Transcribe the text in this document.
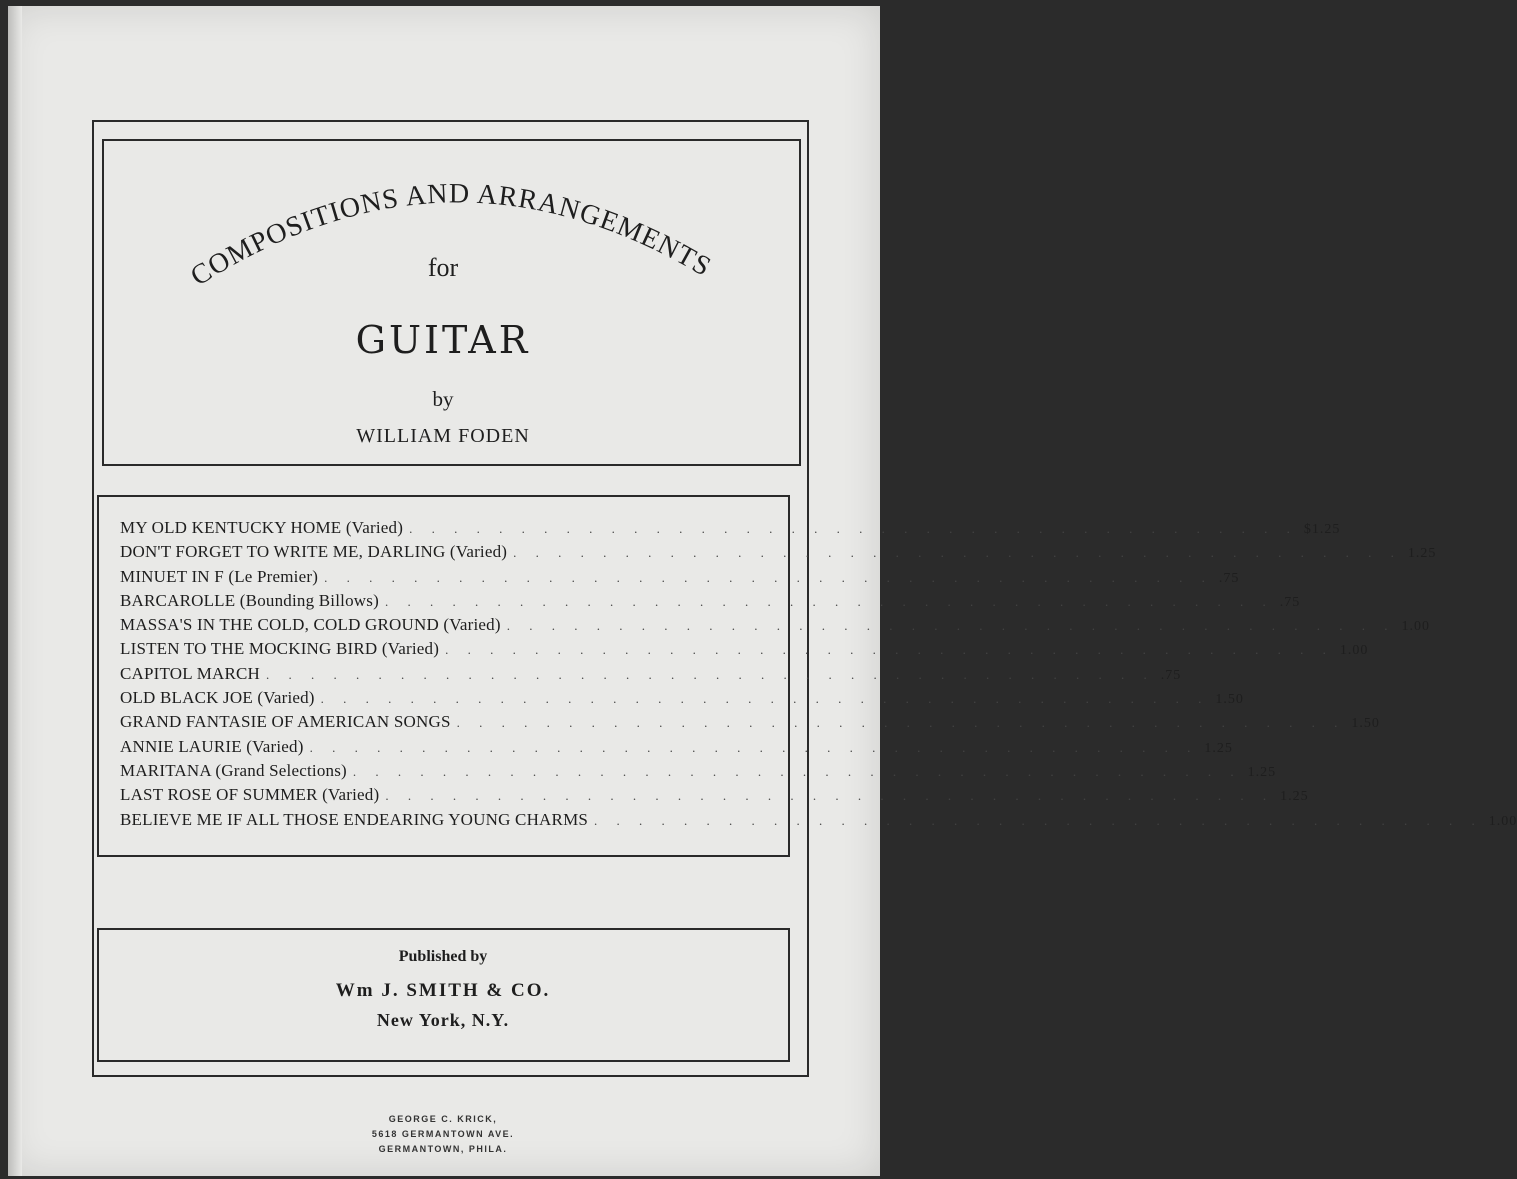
COMPOSITIONS AND ARRANGEMENTS
for
GUITAR
by
WILLIAM FODEN
MY OLD KENTUCKY HOME (Varied) . . . . . . . . . . . . . . . . . . . . . . . . . . . . . . . . . . . . . . . . $1.25
DON'T FORGET TO WRITE ME, DARLING (Varied) . . . . . . . . . . . . . . . . . . . . . . . . . . . . . . . . . . . . . . . . 1.25
MINUET IN F (Le Premier) . . . . . . . . . . . . . . . . . . . . . . . . . . . . . . . . . . . . . . . . .75
BARCAROLLE (Bounding Billows) . . . . . . . . . . . . . . . . . . . . . . . . . . . . . . . . . . . . . . . . .75
MASSA'S IN THE COLD, COLD GROUND (Varied) . . . . . . . . . . . . . . . . . . . . . . . . . . . . . . . . . . . . . . . . 1.00
LISTEN TO THE MOCKING BIRD (Varied) . . . . . . . . . . . . . . . . . . . . . . . . . . . . . . . . . . . . . . . . 1.00
CAPITOL MARCH . . . . . . . . . . . . . . . . . . . . . . . . . . . . . . . . . . . . . . . . .75
OLD BLACK JOE (Varied) . . . . . . . . . . . . . . . . . . . . . . . . . . . . . . . . . . . . . . . . 1.50
GRAND FANTASIE OF AMERICAN SONGS . . . . . . . . . . . . . . . . . . . . . . . . . . . . . . . . . . . . . . . . 1.50
ANNIE LAURIE (Varied) . . . . . . . . . . . . . . . . . . . . . . . . . . . . . . . . . . . . . . . . 1.25
MARITANA (Grand Selections) . . . . . . . . . . . . . . . . . . . . . . . . . . . . . . . . . . . . . . . . 1.25
LAST ROSE OF SUMMER (Varied) . . . . . . . . . . . . . . . . . . . . . . . . . . . . . . . . . . . . . . . . 1.25
BELIEVE ME IF ALL THOSE ENDEARING YOUNG CHARMS . . . . . . . . . . . . . . . . . . . . . . . . . . . . . . . . . . . . . . . . 1.00
Published by
Wm J. SMITH & CO.
New York, N.Y.
GEORGE C. KRICK,
5618 GERMANTOWN AVE.
GERMANTOWN, PHILA.
